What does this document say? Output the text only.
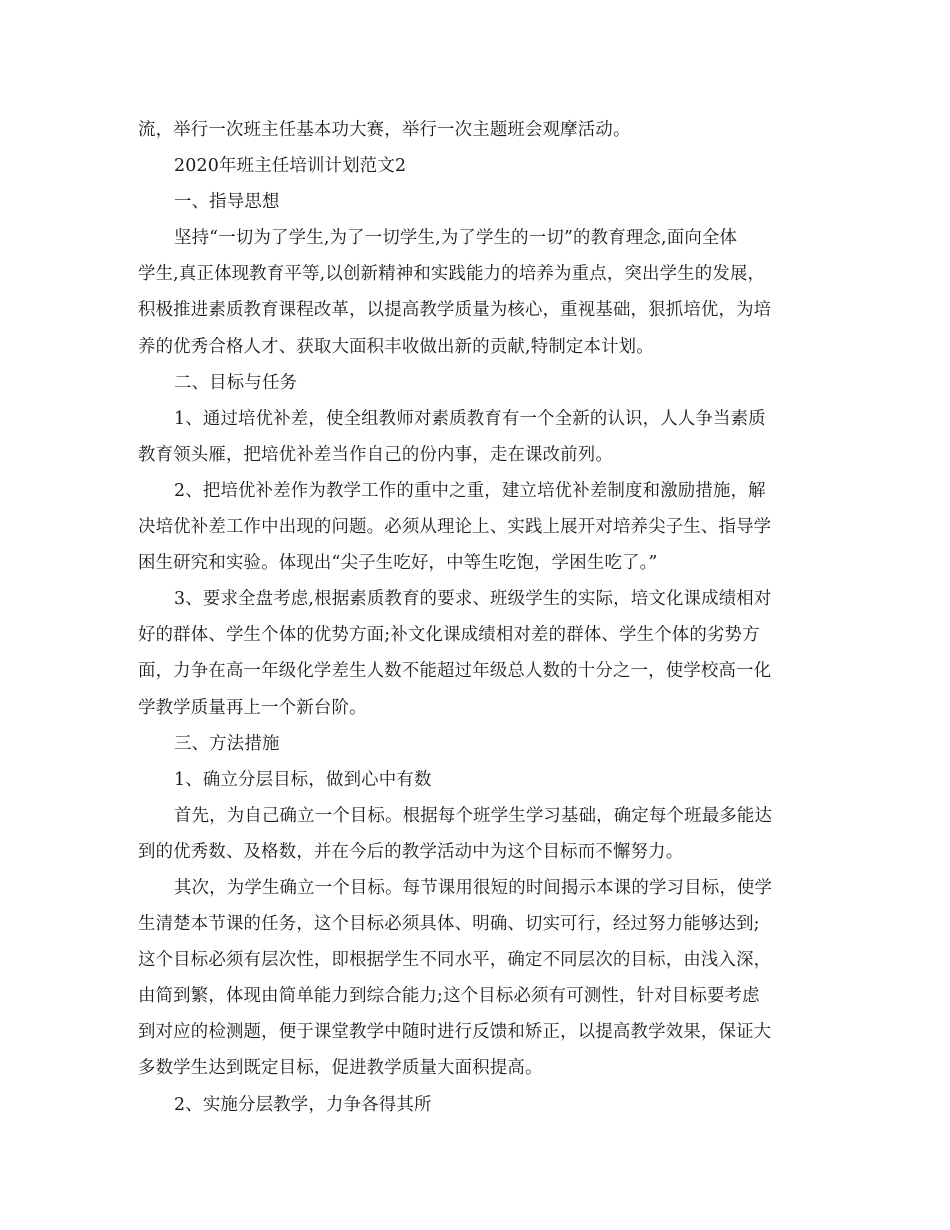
流，举行一次班主任基本功大赛，举行一次主题班会观摩活动。
2020年班主任培训计划范文2
一、指导思想
坚持“一切为了学生,为了一切学生,为了学生的一切”的教育理念,面向全体
学生,真正体现教育平等,以创新精神和实践能力的培养为重点，突出学生的发展，
积极推进素质教育课程改革，以提高教学质量为核心，重视基础，狠抓培优，为培
养的优秀合格人才、获取大面积丰收做出新的贡献,特制定本计划。
二、目标与任务
1、通过培优补差，使全组教师对素质教育有一个全新的认识，人人争当素质
教育领头雁，把培优补差当作自己的份内事，走在课改前列。
2、把培优补差作为教学工作的重中之重，建立培优补差制度和激励措施，解
决培优补差工作中出现的问题。必须从理论上、实践上展开对培养尖子生、指导学
困生研究和实验。体现出“尖子生吃好，中等生吃饱，学困生吃了。”
3、要求全盘考虑,根据素质教育的要求、班级学生的实际，培文化课成绩相对
好的群体、学生个体的优势方面;补文化课成绩相对差的群体、学生个体的劣势方
面，力争在高一年级化学差生人数不能超过年级总人数的十分之一，使学校高一化
学教学质量再上一个新台阶。
三、方法措施
1、确立分层目标，做到心中有数
首先，为自己确立一个目标。根据每个班学生学习基础，确定每个班最多能达
到的优秀数、及格数，并在今后的教学活动中为这个目标而不懈努力。
其次，为学生确立一个目标。每节课用很短的时间揭示本课的学习目标，使学
生清楚本节课的任务，这个目标必须具体、明确、切实可行，经过努力能够达到;
这个目标必须有层次性，即根据学生不同水平，确定不同层次的目标，由浅入深，
由简到繁，体现由简单能力到综合能力;这个目标必须有可测性，针对目标要考虑
到对应的检测题，便于课堂教学中随时进行反馈和矫正，以提高教学效果，保证大
多数学生达到既定目标，促进教学质量大面积提高。
2、实施分层教学，力争各得其所
